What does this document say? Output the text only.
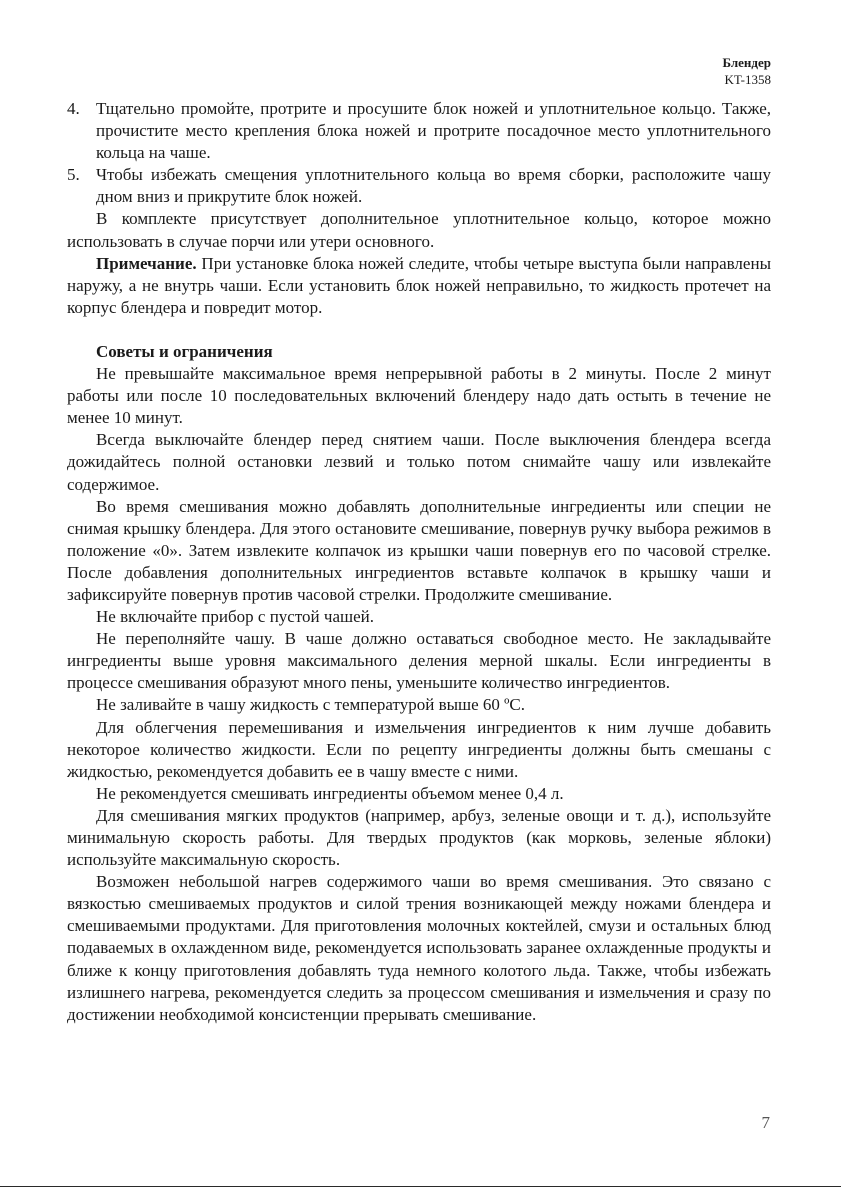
Блендер
KT-1358
4. Тщательно промойте, протрите и просушите блок ножей и уплотнительное кольцо. Также, прочистите место крепления блока ножей и протрите посадочное место уплотнительного кольца на чаше.
5. Чтобы избежать смещения уплотнительного кольца во время сборки, расположите чашу дном вниз и прикрутите блок ножей.

В комплекте присутствует дополнительное уплотнительное кольцо, которое можно использовать в случае порчи или утери основного.

Примечание. При установке блока ножей следите, чтобы четыре выступа были направлены наружу, а не внутрь чаши. Если установить блок ножей неправильно, то жидкость протечет на корпус блендера и повредит мотор.

Советы и ограничения

Не превышайте максимальное время непрерывной работы в 2 минуты. После 2 минут работы или после 10 последовательных включений блендеру надо дать остыть в течение не менее 10 минут.

Всегда выключайте блендер перед снятием чаши. После выключения блендера всегда дожидайтесь полной остановки лезвий и только потом снимайте чашу или извлекайте содержимое.

Во время смешивания можно добавлять дополнительные ингредиенты или специи не снимая крышку блендера. Для этого остановите смешивание, повернув ручку выбора режимов в положение «0». Затем извлеките колпачок из крышки чаши повернув его по часовой стрелке. После добавления дополнительных ингредиентов вставьте колпачок в крышку чаши и зафиксируйте повернув против часовой стрелки. Продолжите смешивание.

Не включайте прибор с пустой чашей.

Не переполняйте чашу. В чаше должно оставаться свободное место. Не закладывайте ингредиенты выше уровня максимального деления мерной шкалы. Если ингредиенты в процессе смешивания образуют много пены, уменьшите количество ингредиентов.

Не заливайте в чашу жидкость с температурой выше 60 ºС.

Для облегчения перемешивания и измельчения ингредиентов к ним лучше добавить некоторое количество жидкости. Если по рецепту ингредиенты должны быть смешаны с жидкостью, рекомендуется добавить ее в чашу вместе с ними.

Не рекомендуется смешивать ингредиенты объемом менее 0,4 л.

Для смешивания мягких продуктов (например, арбуз, зеленые овощи и т. д.), используйте минимальную скорость работы. Для твердых продуктов (как морковь, зеленые яблоки) используйте максимальную скорость.

Возможен небольшой нагрев содержимого чаши во время смешивания. Это связано с вязкостью смешиваемых продуктов и силой трения возникающей между ножами блендера и смешиваемыми продуктами. Для приготовления молочных коктейлей, смузи и остальных блюд подаваемых в охлажденном виде, рекомендуется использовать заранее охлажденные продукты и ближе к концу приготовления добавлять туда немного колотого льда. Также, чтобы избежать излишнего нагрева, рекомендуется следить за процессом смешивания и измельчения и сразу по достижении необходимой консистенции прерывать смешивание.

7
